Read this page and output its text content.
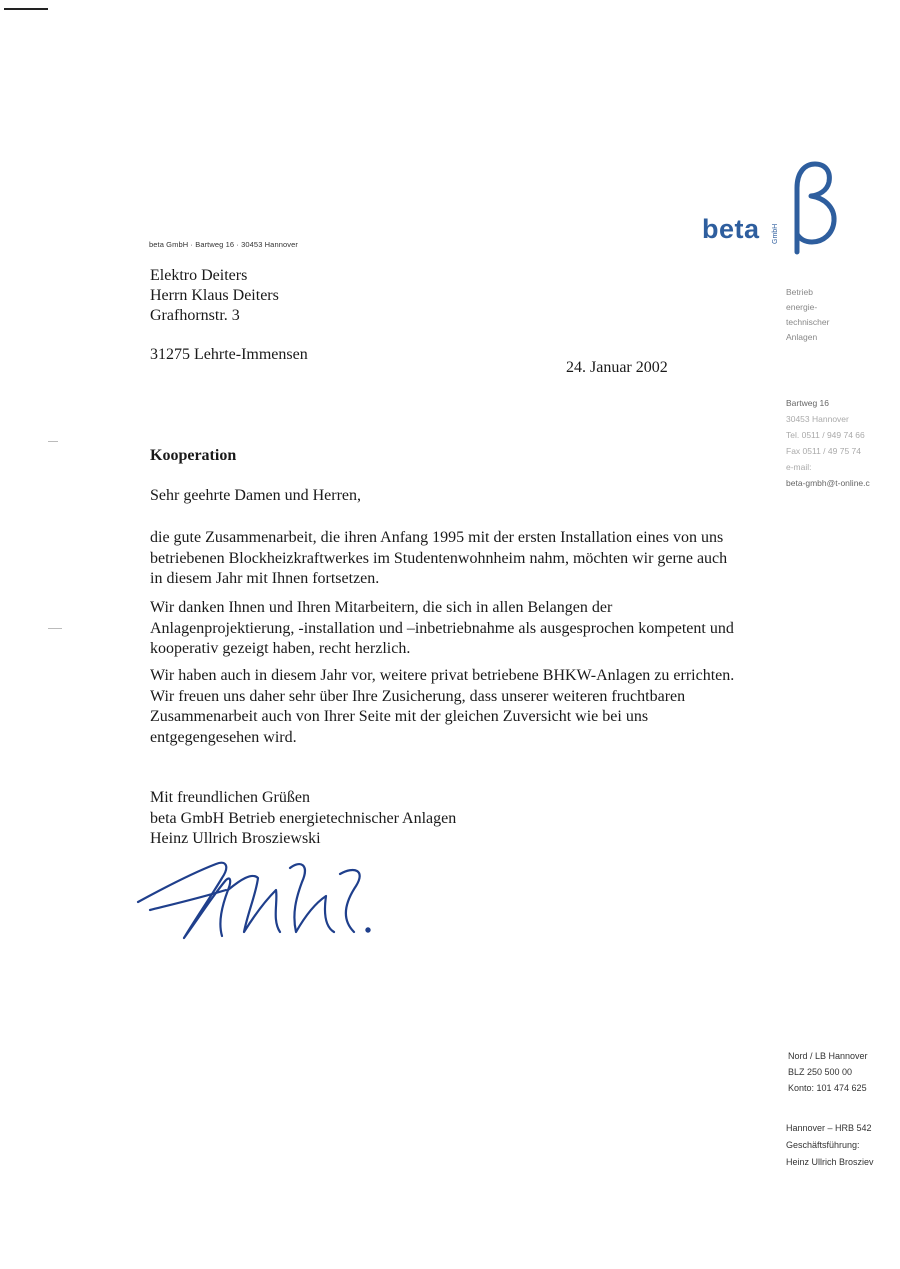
beta GmbH · Bartweg 16 · 30453 Hannover
beta	GmbH
Betrieb
energie-
technischer
Anlagen
Bartweg 16
30453 Hannover
Tel. 0511 / 949 74 66
Fax 0511 / 49 75 74
e-mail:
beta-gmbh@t-online.c
Elektro Deiters
Herrn Klaus Deiters
Grafhornstr. 3
31275 Lehrte-Immensen
24. Januar 2002
Kooperation
Sehr geehrte Damen und Herren,
die gute Zusammenarbeit, die ihren Anfang 1995 mit der ersten Installation eines von uns betriebenen Blockheizkraftwerkes im Studentenwohnheim nahm, möchten wir gerne auch in diesem Jahr mit Ihnen fortsetzen.
Wir danken Ihnen und Ihren Mitarbeitern, die sich in allen Belangen der Anlagenprojektierung, -installation und –inbetriebnahme als ausgesprochen kompetent und kooperativ gezeigt haben, recht herzlich.
Wir haben auch in diesem Jahr vor, weitere privat betriebene BHKW-Anlagen zu errichten. Wir freuen uns daher sehr über Ihre Zusicherung, dass unserer weiteren fruchtbaren Zusammenarbeit auch von Ihrer Seite mit der gleichen Zuversicht wie bei uns entgegengesehen wird.
Mit freundlichen Grüßen
beta GmbH Betrieb energietechnischer Anlagen
Heinz Ullrich Brosziewski
Nord / LB Hannover
BLZ 250 500 00
Konto: 101 474 625
Hannover – HRB 542
Geschäftsführung:
Heinz Ullrich Brosziev
